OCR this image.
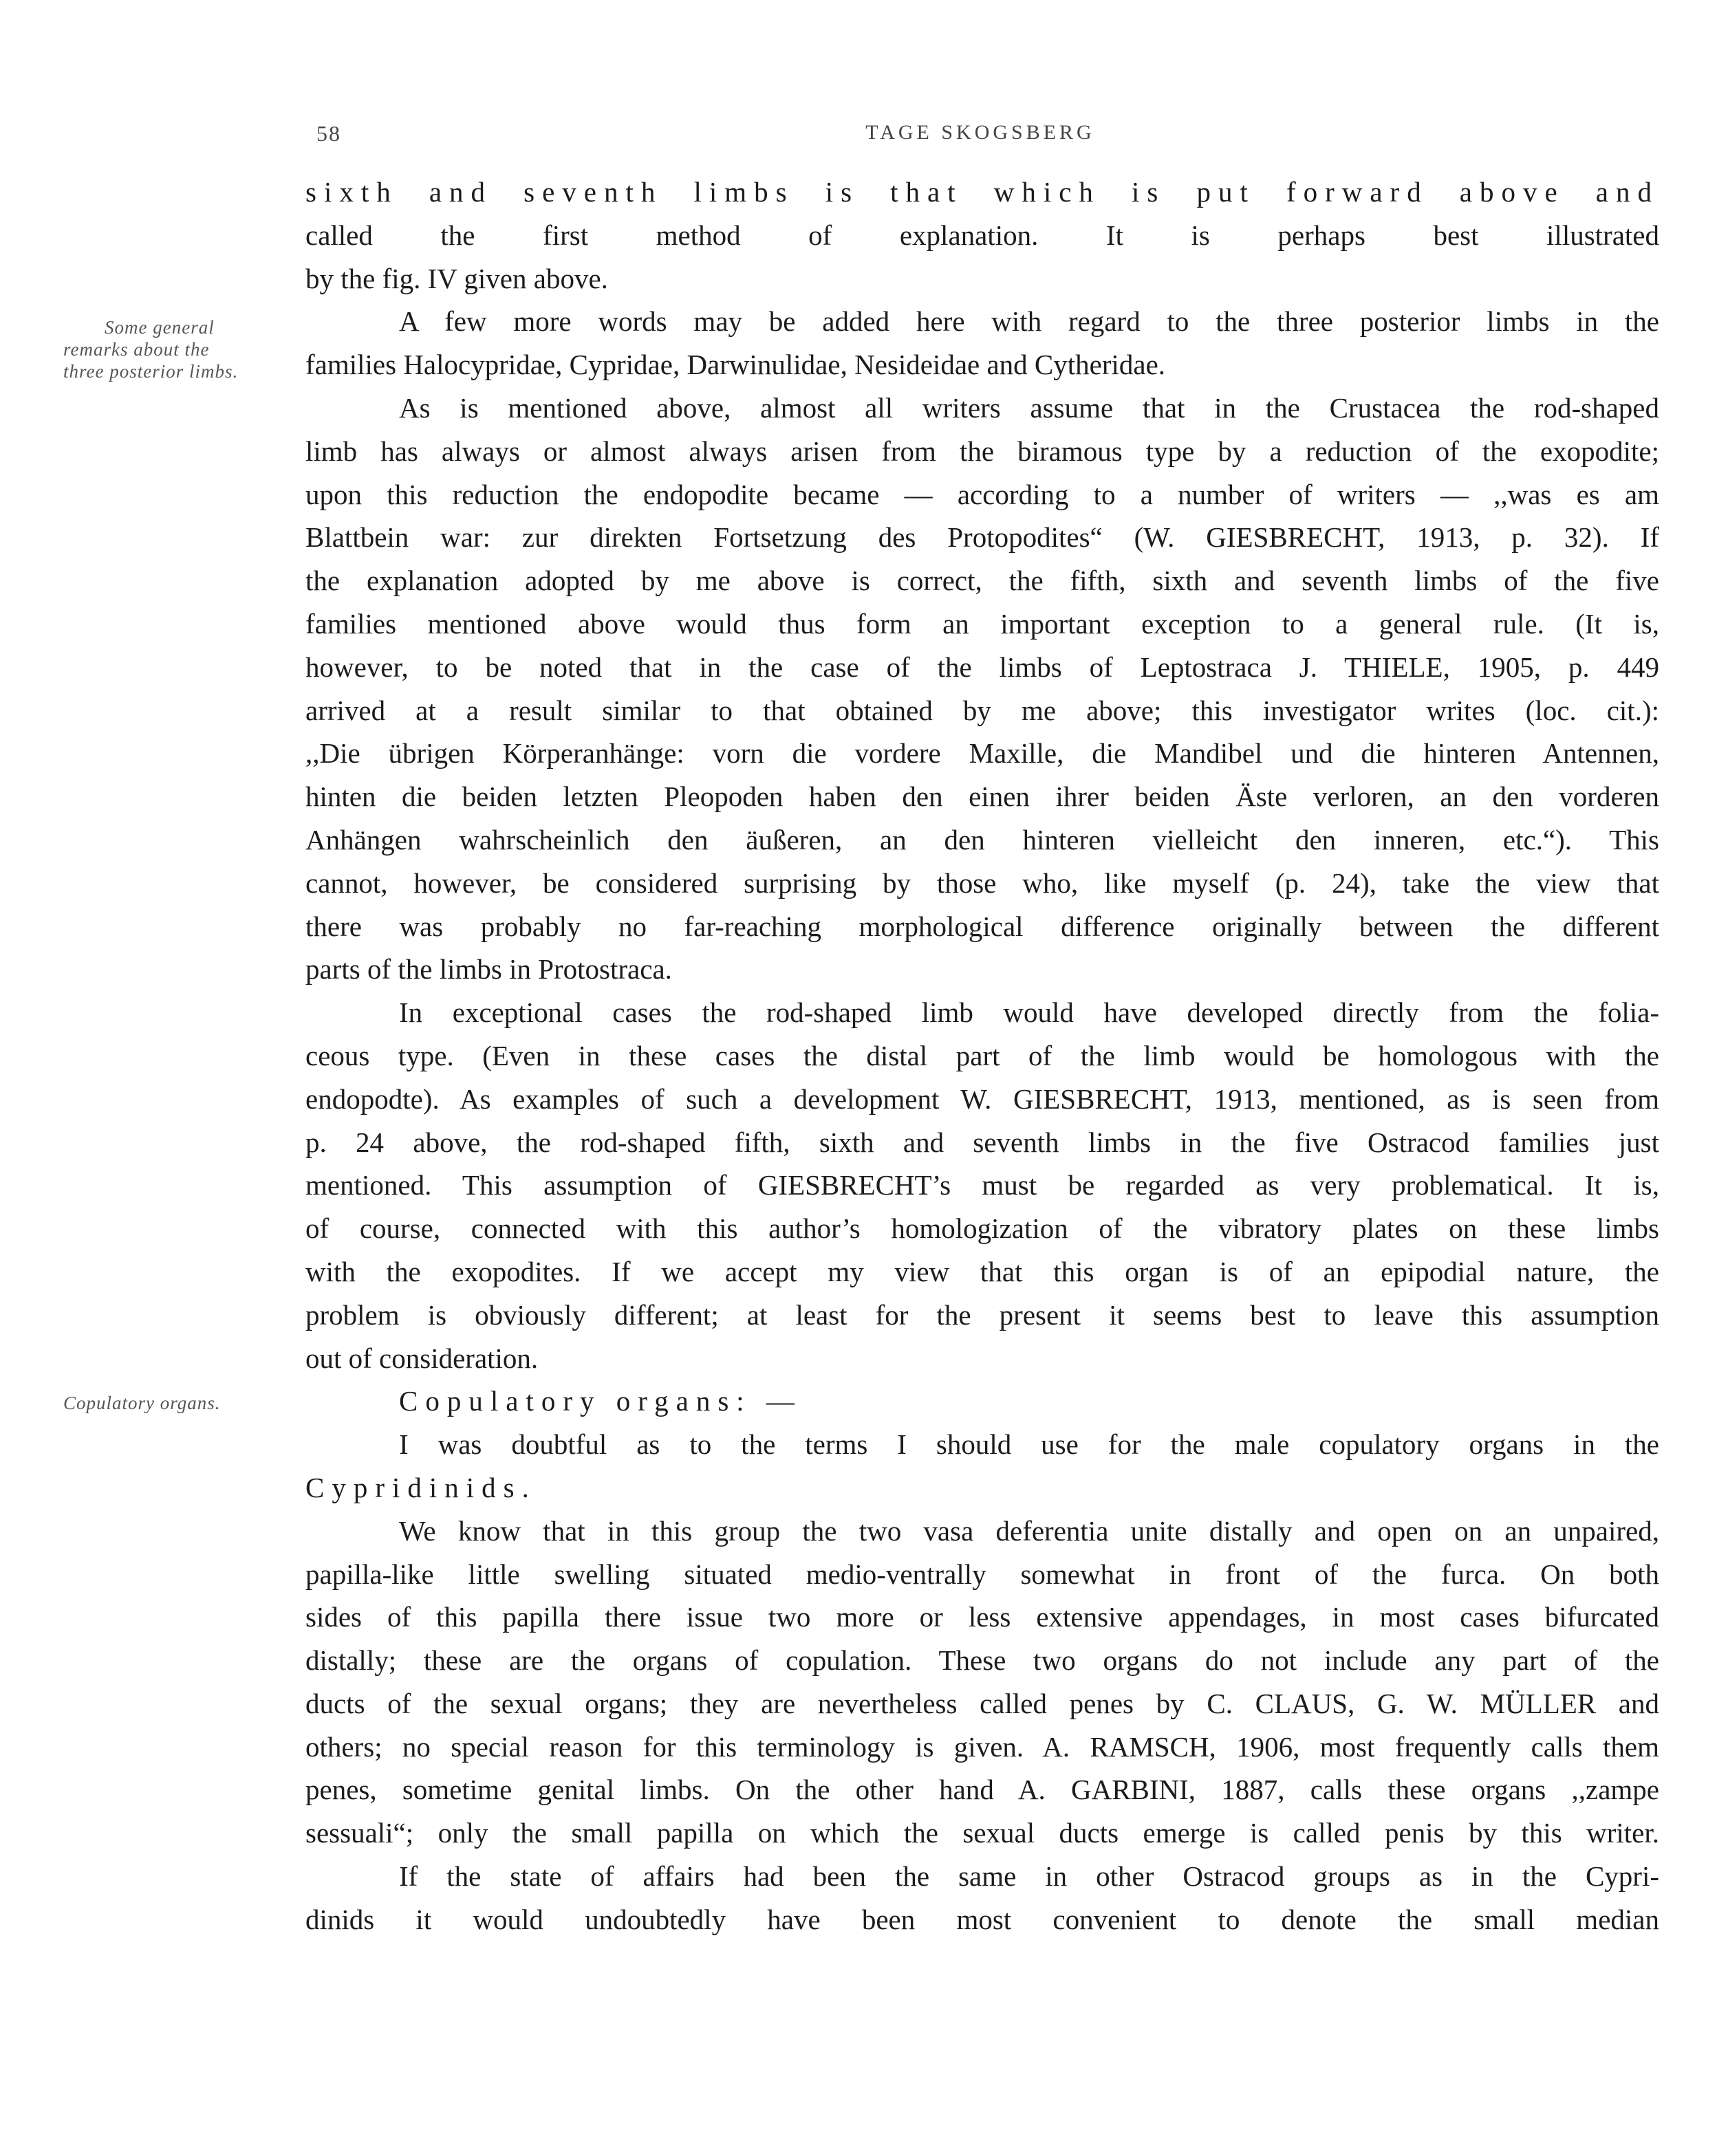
58	TAGE SKOGSBERG
Some general
remarks about the
three posterior limbs.
Copulatory organs.
sixth and seventh limbs is that which is put forward above and
called the first method of explanation. It is perhaps best illustrated
by the fig. IV given above.
A few more words may be added here with regard to the three posterior limbs in the
families Halocypridae, Cypridae, Darwinulidae, Nesideidae and Cytheridae.
As is mentioned above, almost all writers assume that in the Crustacea the rod-shaped
limb has always or almost always arisen from the biramous type by a reduction of the exopodite;
upon this reduction the endopodite became — according to a number of writers — ,,was es am
Blattbein war: zur direkten Fortsetzung des Protopodites“ (W. GIESBRECHT, 1913, p. 32). If
the explanation adopted by me above is correct, the fifth, sixth and seventh limbs of the five
families mentioned above would thus form an important exception to a general rule. (It is,
however, to be noted that in the case of the limbs of Leptostraca J. THIELE, 1905, p. 449
arrived at a result similar to that obtained by me above; this investigator writes (loc. cit.):
,,Die übrigen Körperanhänge: vorn die vordere Maxille, die Mandibel und die hinteren Antennen,
hinten die beiden letzten Pleopoden haben den einen ihrer beiden Äste verloren, an den vorderen
Anhängen wahrscheinlich den äußeren, an den hinteren vielleicht den inneren, etc.“). This
cannot, however, be considered surprising by those who, like myself (p. 24), take the view that
there was probably no far-reaching morphological difference originally between the different
parts of the limbs in Protostraca.
In exceptional cases the rod-shaped limb would have developed directly from the folia-
ceous type. (Even in these cases the distal part of the limb would be homologous with the
endopodte). As examples of such a development W. GIESBRECHT, 1913, mentioned, as is seen from
p. 24 above, the rod-shaped fifth, sixth and seventh limbs in the five Ostracod families just
mentioned. This assumption of GIESBRECHT’s must be regarded as very problematical. It is,
of course, connected with this author’s homologization of the vibratory plates on these limbs
with the exopodites. If we accept my view that this organ is of an epipodial nature, the
problem is obviously different; at least for the present it seems best to leave this assumption
out of consideration.
Copulatory organs: —
I was doubtful as to the terms I should use for the male copulatory organs in the
Cypridinids.
We know that in this group the two vasa deferentia unite distally and open on an unpaired,
papilla-like little swelling situated medio-ventrally somewhat in front of the furca. On both
sides of this papilla there issue two more or less extensive appendages, in most cases bifurcated
distally; these are the organs of copulation. These two organs do not include any part of the
ducts of the sexual organs; they are nevertheless called penes by C. CLAUS, G. W. MÜLLER and
others; no special reason for this terminology is given. A. RAMSCH, 1906, most frequently calls them
penes, sometime genital limbs. On the other hand A. GARBINI, 1887, calls these organs ,,zampe
sessuali“; only the small papilla on which the sexual ducts emerge is called penis by this writer.
If the state of affairs had been the same in other Ostracod groups as in the Cypri-
dinids it would undoubtedly have been most convenient to denote the small median
